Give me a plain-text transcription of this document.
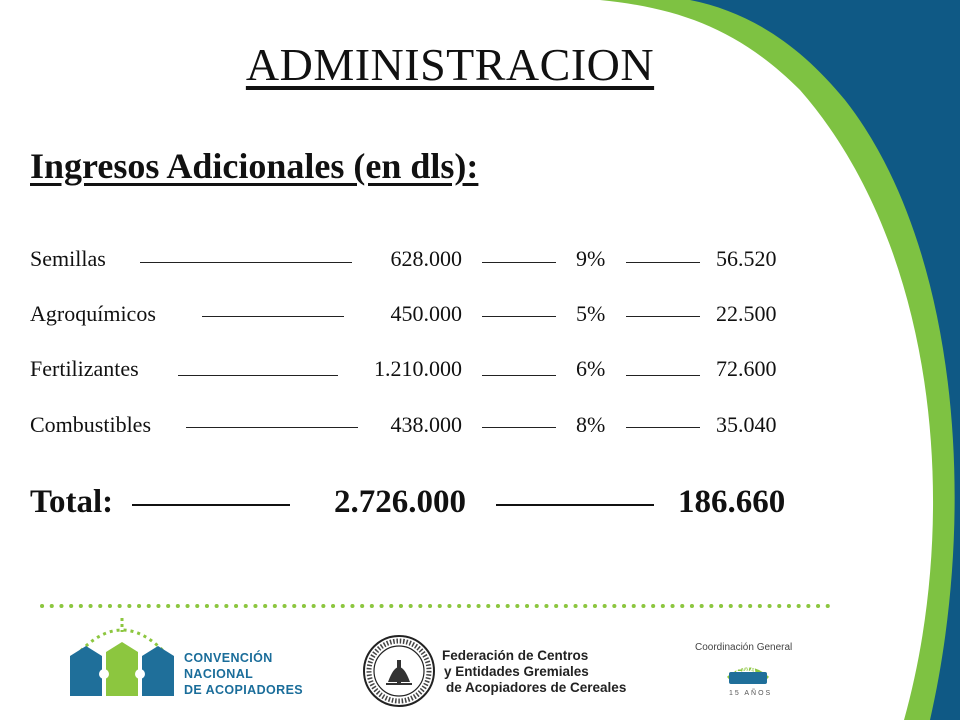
ADMINISTRACION
Ingresos Adicionales (en dls):
Semillas	628.000	9%	56.520
Agroquímicos	450.000	5%	22.500
Fertilizantes	1.210.000	6%	72.600
Combustibles	438.000	8%	35.040
Total:	2.726.000	186.660
CONVENCIÓN
NACIONAL
DE ACOPIADORES
Federación de Centros
y Entidades Gremiales
de Acopiadores de Cereales
Coordinación General
SEMA
15 AÑOS
